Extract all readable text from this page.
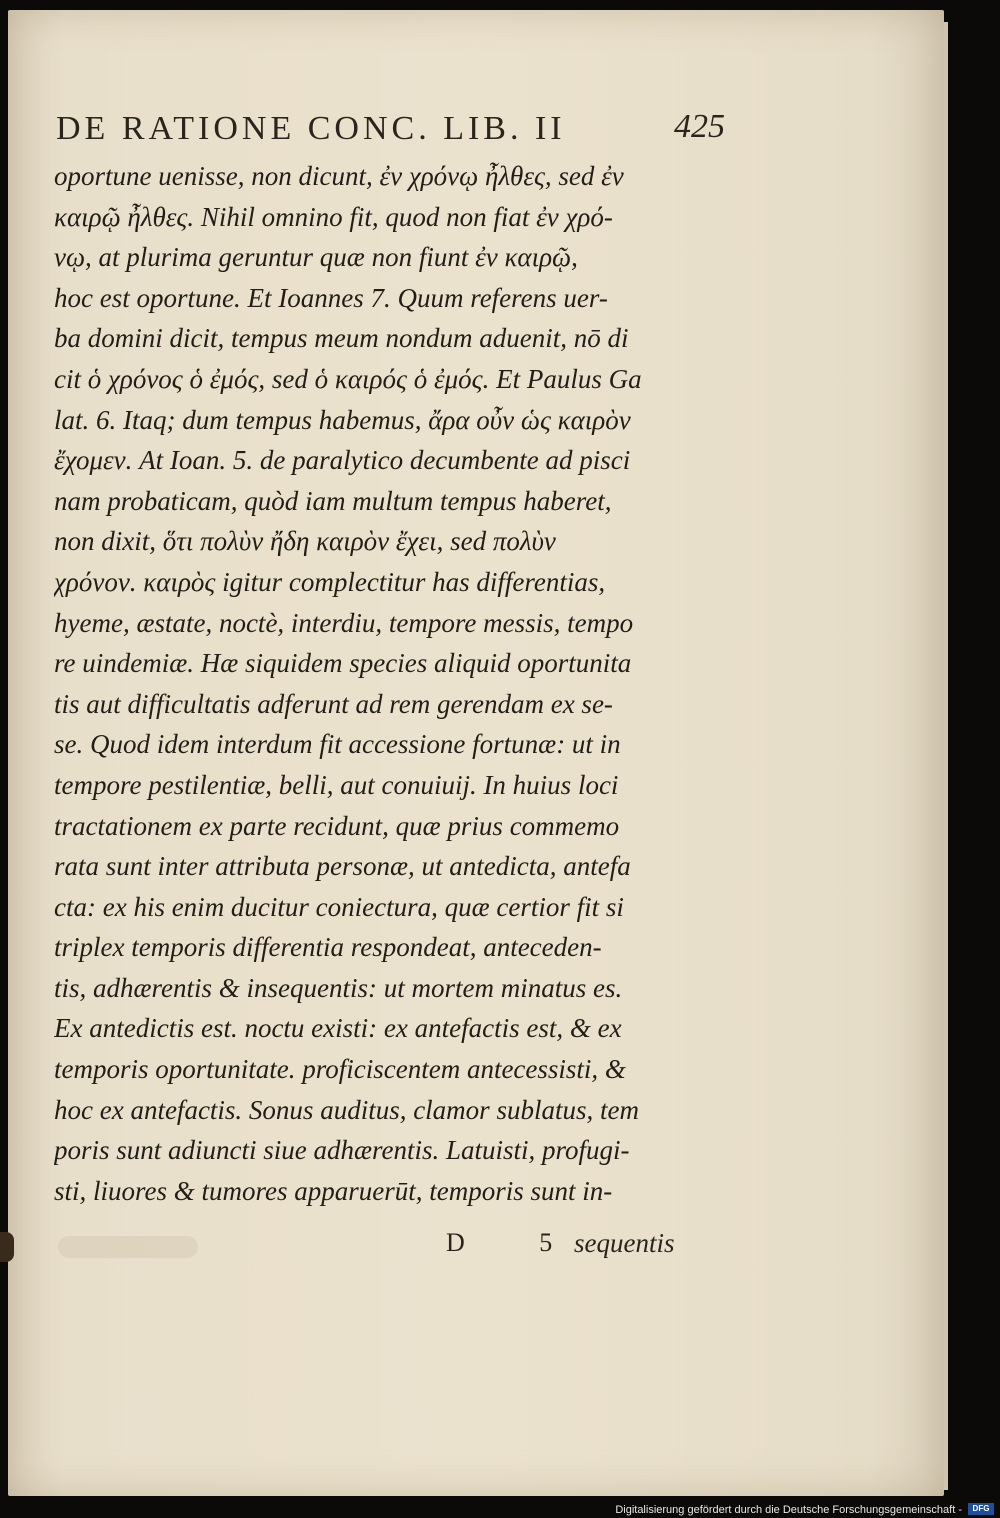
DE RATIONE CONC. LIB. II	425
oportune uenisse, non dicunt, ἐν χρόνῳ ἦλθες, sed ἐν
καιρῷ ἦλθες. Nihil omnino fit, quod non fiat ἐν χρό-
νῳ, at plurima geruntur quæ non fiunt ἐν καιρῷ,
hoc est oportune. Et Ioannes 7. Quum referens uer-
ba domini dicit, tempus meum nondum aduenit, nō di
cit ὁ χρόνος ὁ ἐμός, sed ὁ καιρός ὁ ἐμός. Et Paulus Ga
lat. 6. Itaq; dum tempus habemus, ἄρα οὖν ὡς καιρὸν
ἔχομεν. At Ioan. 5. de paralytico decumbente ad pisci
nam probaticam, quòd iam multum tempus haberet,
non dixit, ὅτι πολὺν ἤδη καιρὸν ἔχει, sed πολὺν
χρόνον. καιρὸς igitur complectitur has differentias,
hyeme, æstate, noctè, interdiu, tempore messis, tempo
re uindemiæ. Hæ siquidem species aliquid oportunita
tis aut difficultatis adferunt ad rem gerendam ex se-
se. Quod idem interdum fit accessione fortunæ: ut in
tempore pestilentiæ, belli, aut conuiuij. In huius loci
tractationem ex parte recidunt, quæ prius commemo
rata sunt inter attributa personæ, ut antedicta, antefa
cta: ex his enim ducitur coniectura, quæ certior fit si
triplex temporis differentia respondeat, anteceden-
tis, adhærentis & insequentis: ut mortem minatus es.
Ex antedictis est. noctu existi: ex antefactis est, & ex
temporis oportunitate. proficiscentem antecessisti, &
hoc ex antefactis. Sonus auditus, clamor sublatus, tem
poris sunt adiuncti siue adhærentis. Latuisti, profugi-
sti, liuores & tumores apparuerūt, temporis sunt in-
D 5
sequentis
Digitalisierung gefördert durch die Deutsche Forschungsgemeinschaft -	DFG
